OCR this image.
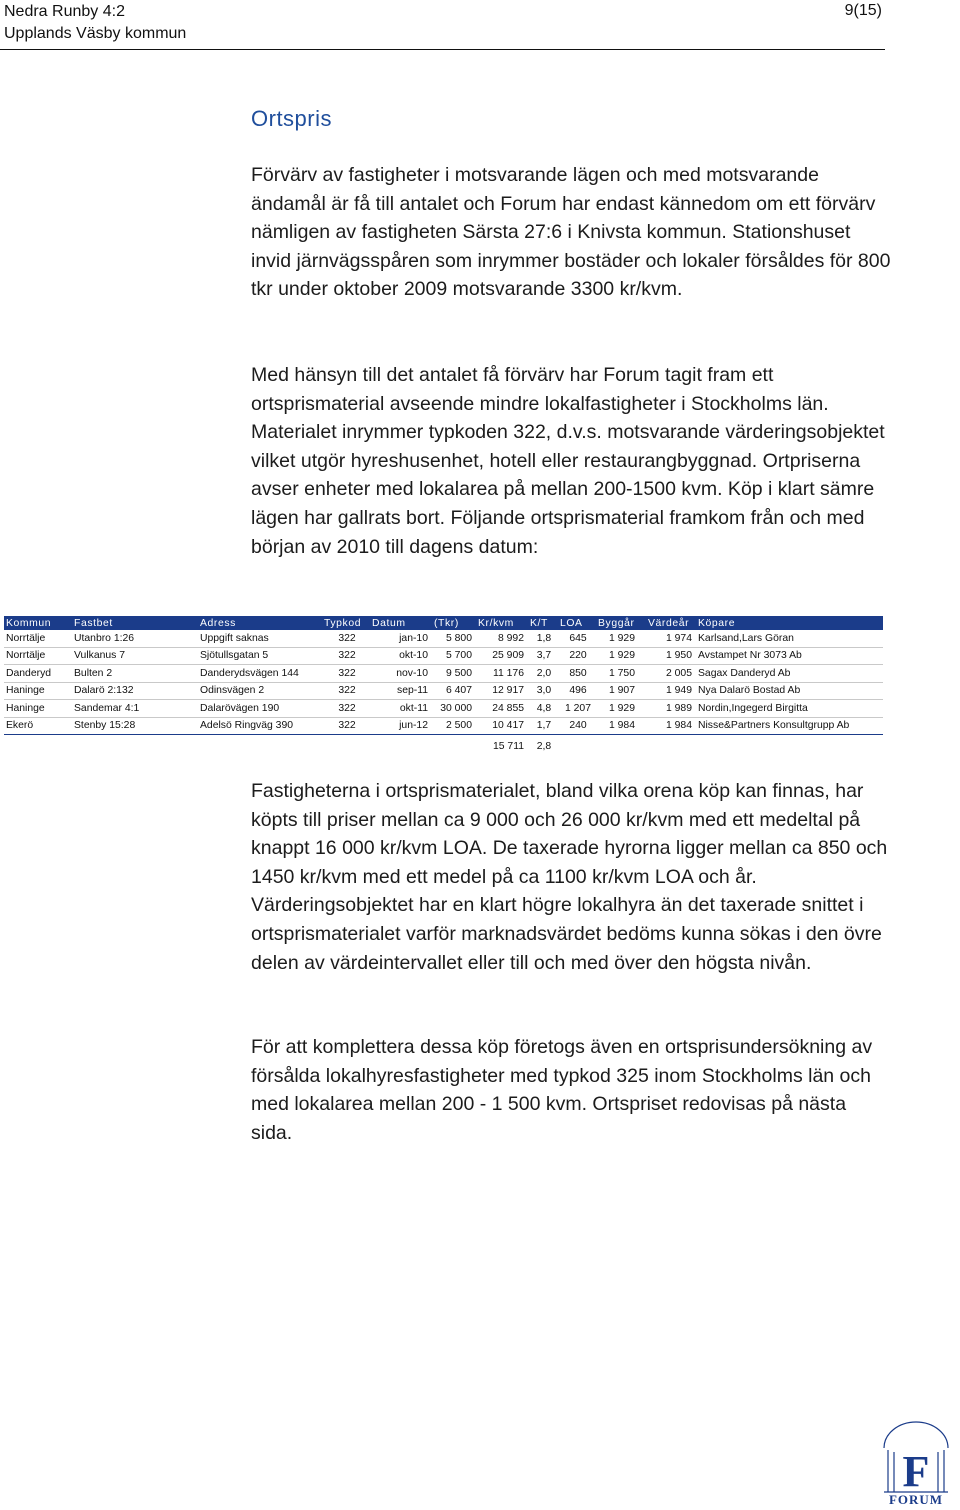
Nedra Runby 4:2
Upplands Väsby kommun
9(15)
Ortspris
Förvärv av fastigheter i motsvarande lägen och med motsvarande ändamål är få till antalet och Forum har endast kännedom om ett förvärv nämligen av fastigheten Särsta 27:6 i Knivsta kommun. Stationshuset invid järnvägsspåren som inrymmer bostäder och lokaler försåldes för 800 tkr under oktober 2009 motsvarande 3300 kr/kvm.
Med hänsyn till det antalet få förvärv har Forum tagit fram ett ortsprismaterial avseende mindre lokalfastigheter i Stockholms län. Materialet inrymmer typkoden 322, d.v.s. motsvarande värderingsobjektet vilket utgör hyreshusenhet, hotell eller restaurangbyggnad. Ortpriserna avser enheter med lokalarea på mellan 200-1500 kvm. Köp i klart sämre lägen har gallrats bort. Följande ortsprismaterial framkom från och med början av 2010 till dagens datum:
Kommun	Fastbet	Adress	Typkod	Datum	(Tkr)	Kr/kvm	K/T	LOA	Byggår	Värdeår	Köpare
Norrtälje	Utanbro 1:26	Uppgift saknas	322	jan-10	5 800	8 992	1,8	645	1 929	1 974	Karlsand,Lars Göran
Norrtälje	Vulkanus 7	Sjötullsgatan 5	322	okt-10	5 700	25 909	3,7	220	1 929	1 950	Avstampet Nr 3073 Ab
Danderyd	Bulten 2	Danderydsvägen 144	322	nov-10	9 500	11 176	2,0	850	1 750	2 005	Sagax Danderyd Ab
Haninge	Dalarö 2:132	Odinsvägen 2	322	sep-11	6 407	12 917	3,0	496	1 907	1 949	Nya Dalarö Bostad Ab
Haninge	Sandemar 4:1	Dalarövägen 190	322	okt-11	30 000	24 855	4,8	1 207	1 929	1 989	Nordin,Ingegerd Birgitta
Ekerö	Stenby 15:28	Adelsö Ringväg 390	322	jun-12	2 500	10 417	1,7	240	1 984	1 984	Nisse&Partners Konsultgrupp Ab
						15 711	2,8				
Fastigheterna i ortsprismaterialet, bland vilka orena köp kan finnas, har köpts till priser mellan ca 9 000 och 26 000 kr/kvm med ett medeltal på knappt 16 000 kr/kvm LOA. De taxerade hyrorna ligger mellan ca 850 och 1450 kr/kvm med ett medel på ca 1100 kr/kvm LOA och år. Värderingsobjektet har en klart högre lokalhyra än det taxerade snittet i ortsprismaterialet varför marknadsvärdet bedöms kunna sökas i den övre delen av värdeintervallet eller till och med över den högsta nivån.
För att komplettera dessa köp företogs även en ortsprisundersökning av försålda lokalhyresfastigheter med typkod 325 inom Stockholms län och med lokalarea mellan 200 - 1 500 kvm. Ortspriset redovisas på nästa sida.
F
FORUM
